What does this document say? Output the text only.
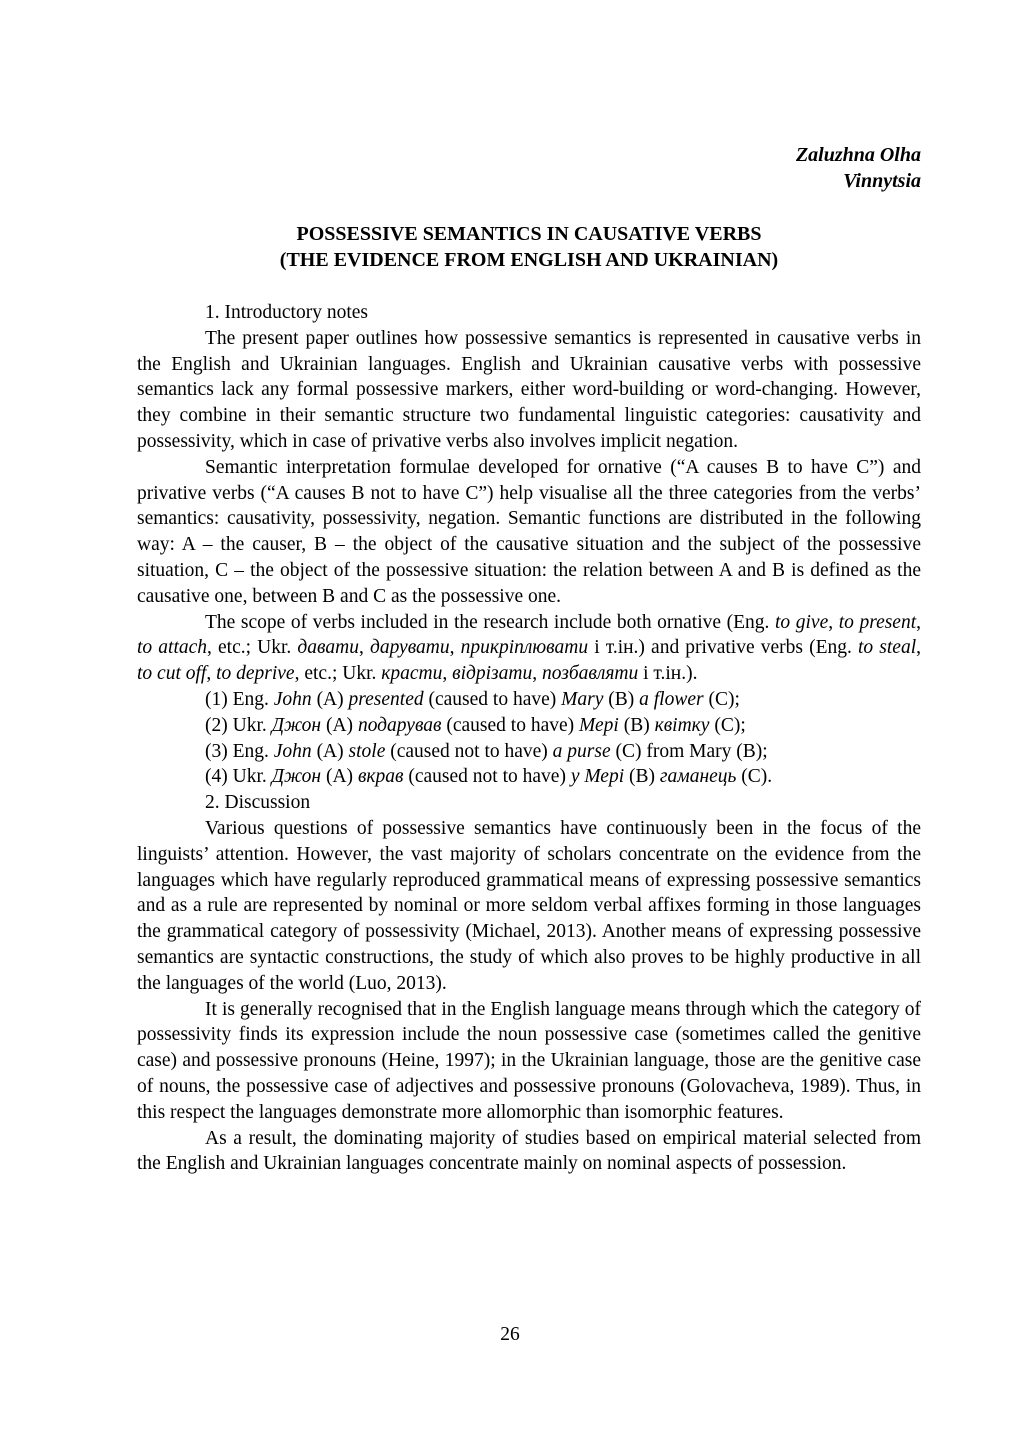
Zaluzhna Olha
Vinnytsia
POSSESSIVE SEMANTICS IN CAUSATIVE VERBS
(THE EVIDENCE FROM ENGLISH AND UKRAINIAN)

1. Introductory notes

The present paper outlines how possessive semantics is represented in causative verbs in the English and Ukrainian languages. English and Ukrainian causative verbs with possessive semantics lack any formal possessive markers, either word-building or word-changing. However, they combine in their semantic structure two fundamental linguistic categories: causativity and possessivity, which in case of privative verbs also involves implicit negation.

Semantic interpretation formulae developed for ornative (“A causes B to have C”) and privative verbs (“A causes B not to have C”) help visualise all the three categories from the verbs’ semantics: causativity, possessivity, negation. Semantic functions are distributed in the following way: A – the causer, B – the object of the causative situation and the subject of the possessive situation, C – the object of the possessive situation: the relation between A and B is defined as the causative one, between B and C as the possessive one.

The scope of verbs included in the research include both ornative (Eng. to give, to present, to attach, etc.; Ukr. давати, дарувати, прикріплювати і т.ін.) and privative verbs (Eng. to steal, to cut off, to deprive, etc.; Ukr. красти, відрізати, позбавляти і т.ін.).

(1) Eng. John (A) presented (caused to have) Mary (B) a flower (C);

(2) Ukr. Джон (A) подарував (caused to have) Мері (B) квітку (C);

(3) Eng. John (A) stole (caused not to have) a purse (C) from Mary (B);

(4) Ukr. Джон (A) вкрав (caused not to have) у Мері (B) гаманець (C).

2. Discussion

Various questions of possessive semantics have continuously been in the focus of the linguists’ attention. However, the vast majority of scholars concentrate on the evidence from the languages which have regularly reproduced grammatical means of expressing possessive semantics and as a rule are represented by nominal or more seldom verbal affixes forming in those languages the grammatical category of possessivity (Michael, 2013). Another means of expressing possessive semantics are syntactic constructions, the study of which also proves to be highly productive in all the languages of the world (Luo, 2013).

It is generally recognised that in the English language means through which the category of possessivity finds its expression include the noun possessive case (sometimes called the genitive case) and possessive pronouns (Heine, 1997); in the Ukrainian language, those are the genitive case of nouns, the possessive case of adjectives and possessive pronouns (Golovacheva, 1989). Thus, in this respect the languages demonstrate more allomorphic than isomorphic features.

As a result, the dominating majority of studies based on empirical material selected from the English and Ukrainian languages concentrate mainly on nominal aspects of possession.

26
